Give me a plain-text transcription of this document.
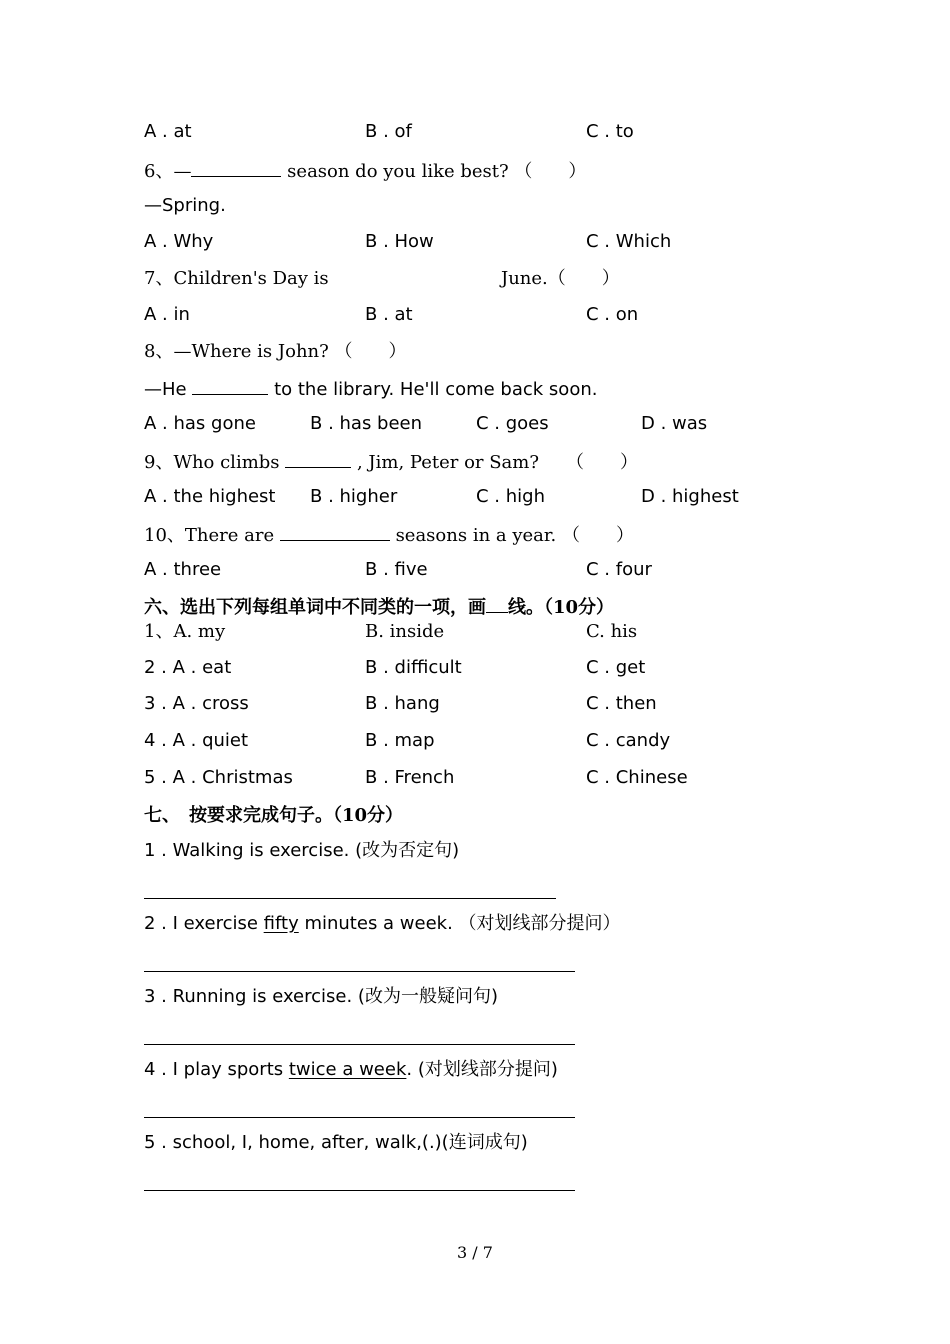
A . at	B . of	C . to
6、—	season do you like best? （　　）
—Spring.
A . Why	B . How	C . Which
7、Children's Day is	June.（　　）
A . in	B . at	C . on
8、—Where is John? （　　）
—He	to the library. He'll come back soon.
A . has gone	B . has been	C . goes	D . was
9、Who climbs	, Jim, Peter or Sam?　　（　　）
A . the highest B . higher	C . high	D . highest
10、There are	seasons in a year. （　　）
A . three	B . five	C . four
六、选出下列每组单词中不同类的一项，画 线。（10分）
1、A. my	B. inside	C. his
2 . A . eat	B . difficult	C . get
3 . A . cross	B . hang	C . then
4 . A . quiet	B . map	C . candy
5 . A . Christmas	B . French	C . Chinese
七、　按要求完成句子。（10分）
1 . Walking is exercise. (改为否定句)
2 . I exercise fifty minutes a week. （对划线部分提问）
3 . Running is exercise. (改为一般疑问句)
4 . I play sports twice a week. (对划线部分提问)
5 . school, I, home, after, walk,(.)(连词成句)
3 / 7
